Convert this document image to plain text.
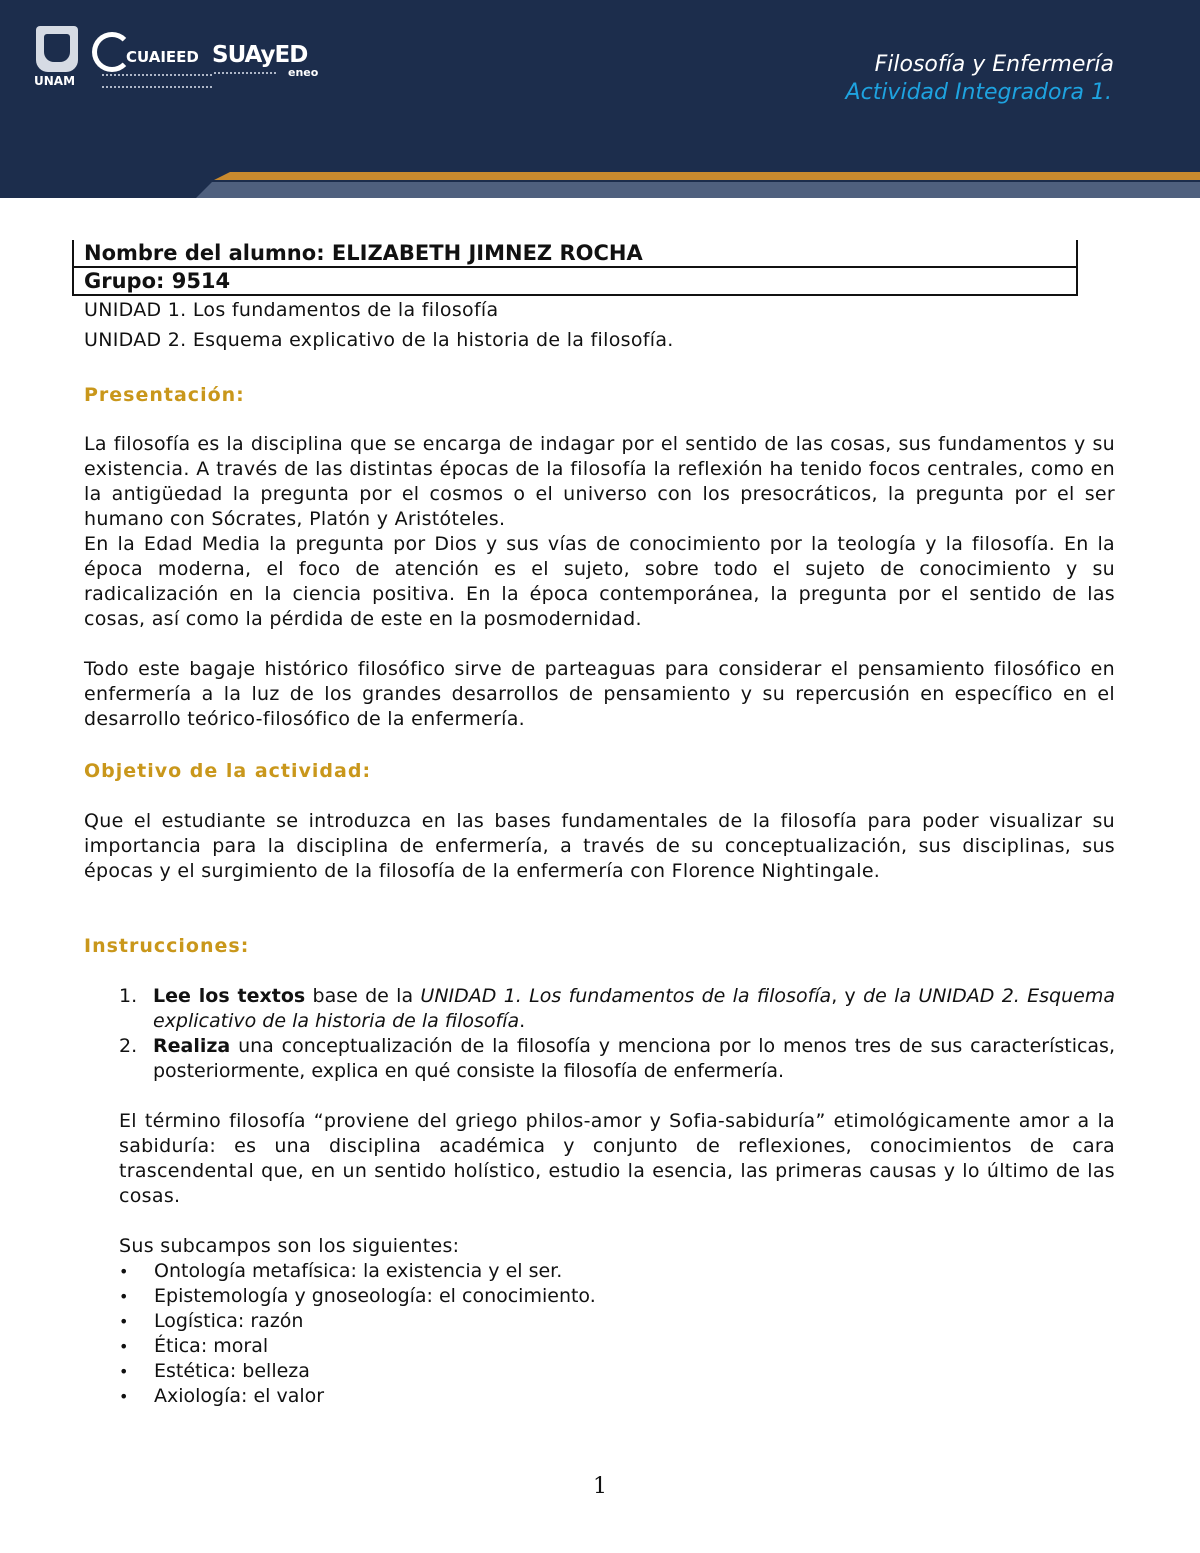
UNAM
CUAIEED SUAyED
eneo	Filosofía y Enfermería
Actividad Integradora 1.
Nombre del alumno: ELIZABETH JIMNEZ ROCHA
Grupo: 9514

UNIDAD 1. Los fundamentos de la filosofía

UNIDAD 2. Esquema explicativo de la historia de la filosofía.

Presentación:

La filosofía es la disciplina que se encarga de indagar por el sentido de las cosas, sus fundamentos y su existencia. A través de las distintas épocas de la filosofía la reflexión ha tenido focos centrales, como en la antigüedad la pregunta por el cosmos o el universo con los presocráticos, la pregunta por el ser humano con Sócrates, Platón y Aristóteles.

En la Edad Media la pregunta por Dios y sus vías de conocimiento por la teología y la filosofía. En la época moderna, el foco de atención es el sujeto, sobre todo el sujeto de conocimiento y su radicalización en la ciencia positiva. En la época contemporánea, la pregunta por el sentido de las cosas, así como la pérdida de este en la posmodernidad.

Todo este bagaje histórico filosófico sirve de parteaguas para considerar el pensamiento filosófico en enfermería a la luz de los grandes desarrollos de pensamiento y su repercusión en específico en el desarrollo teórico-filosófico de la enfermería.

Objetivo de la actividad:

Que el estudiante se introduzca en las bases fundamentales de la filosofía para poder visualizar su importancia para la disciplina de enfermería, a través de su conceptualización, sus disciplinas, sus épocas y el surgimiento de la filosofía de la enfermería con Florence Nightingale.

Instrucciones:

1. Lee los textos base de la UNIDAD 1. Los fundamentos de la filosofía, y de la UNIDAD 2. Esquema explicativo de la historia de la filosofía.
2. Realiza una conceptualización de la filosofía y menciona por lo menos tres de sus características, posteriormente, explica en qué consiste la filosofía de enfermería.

El término filosofía “proviene del griego philos-amor y Sofia-sabiduría” etimológicamente amor a la sabiduría: es una disciplina académica y conjunto de reflexiones, conocimientos de cara trascendental que, en un sentido holístico, estudio la esencia, las primeras causas y lo último de las cosas.

Sus subcampos son los siguientes:

• Ontología metafísica: la existencia y el ser.
• Epistemología y gnoseología: el conocimiento.
• Logística: razón
• Ética: moral
• Estética: belleza
• Axiología: el valor
1
